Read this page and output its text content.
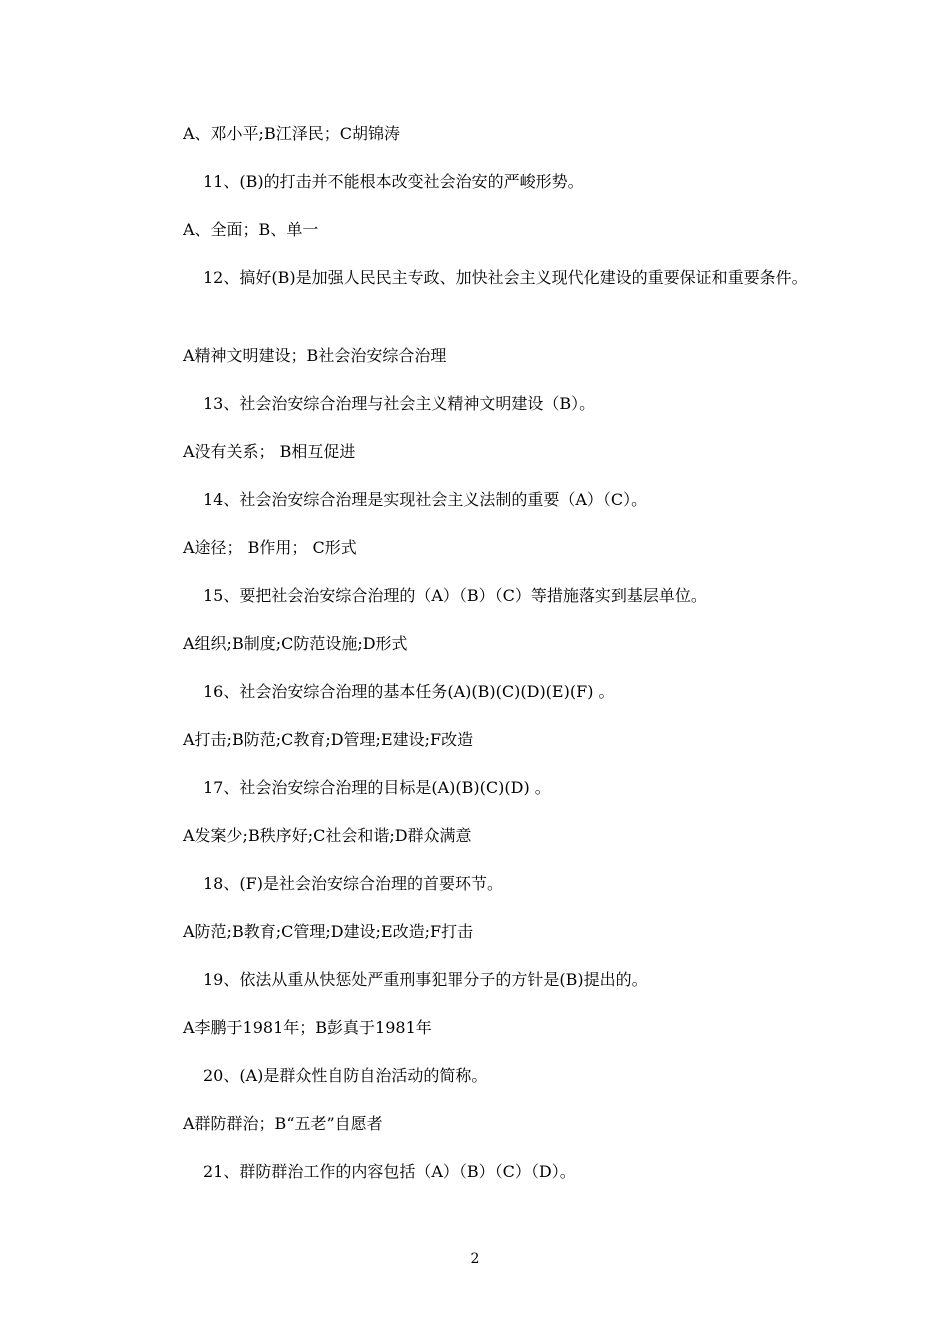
A、邓小平;B江泽民；C胡锦涛
11、(B)的打击并不能根本改变社会治安的严峻形势。
A、全面；B、单一
12、搞好(B)是加强人民民主专政、加快社会主义现代化建设的重要保证和重要条件。
A精神文明建设；B社会治安综合治理
13、社会治安综合治理与社会主义精神文明建设（B）。
A没有关系； B相互促进
14、社会治安综合治理是实现社会主义法制的重要（A）（C）。
A途径； B作用； C形式
15、要把社会治安综合治理的（A）（B）（C）等措施落实到基层单位。
A组织;B制度;C防范设施;D形式
16、社会治安综合治理的基本任务(A)(B)(C)(D)(E)(F) 。
A打击;B防范;C教育;D管理;E建设;F改造
17、社会治安综合治理的目标是(A)(B)(C)(D) 。
A发案少;B秩序好;C社会和谐;D群众满意
18、(F)是社会治安综合治理的首要环节。
A防范;B教育;C管理;D建设;E改造;F打击
19、依法从重从快惩处严重刑事犯罪分子的方针是(B)提出的。
A李鹏于1981年；B彭真于1981年
20、(A)是群众性自防自治活动的简称。
A群防群治；B“五老”自愿者
21、群防群治工作的内容包括（A）（B）（C）（D）。
2
